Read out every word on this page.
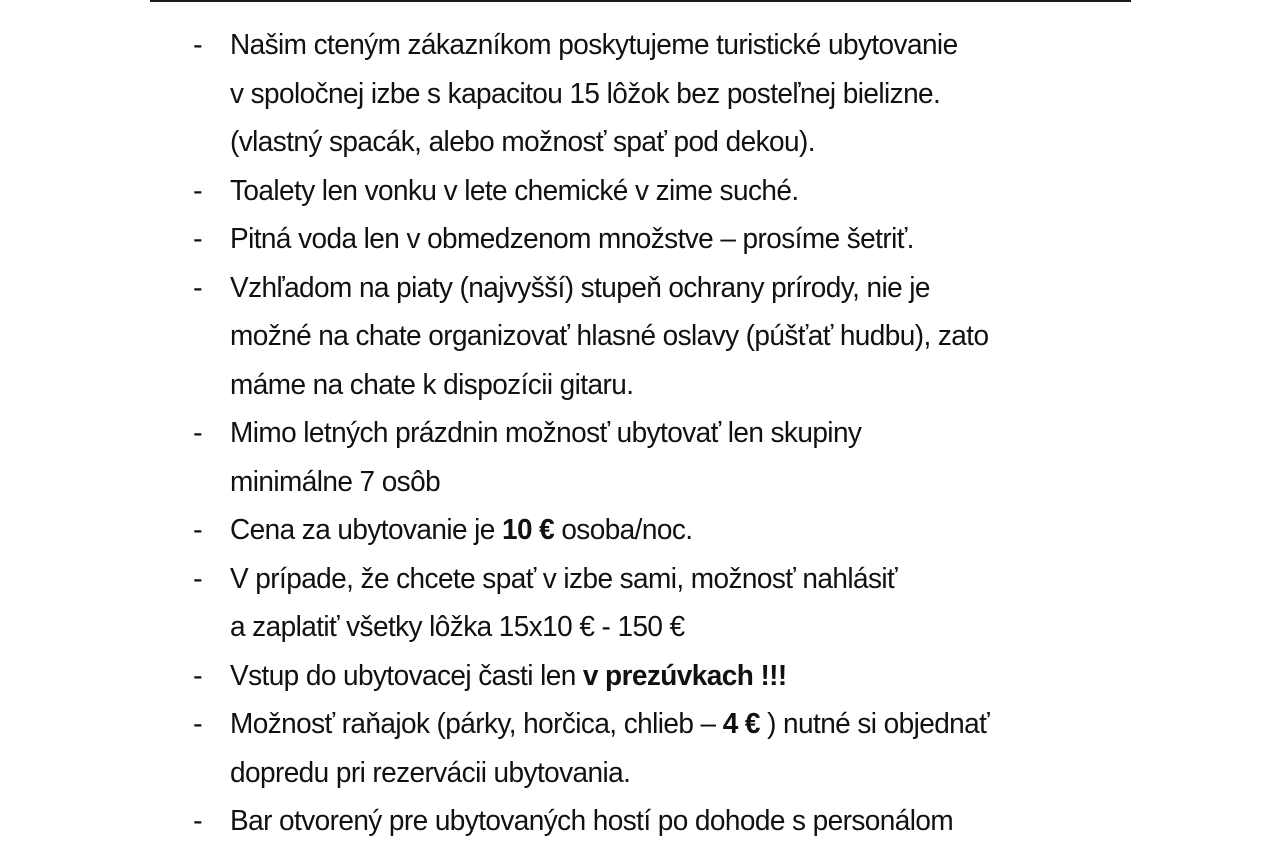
- Našim cteným zákazníkom poskytujeme turistické ubytovanie
v spoločnej izbe s kapacitou 15 lôžok bez posteľnej bielizne.
(vlastný spacák, alebo možnosť spať pod dekou).
- Toalety len vonku v lete chemické v zime suché.
- Pitná voda len v obmedzenom množstve – prosíme šetriť.
- Vzhľadom na piaty (najvyšší) stupeň ochrany prírody, nie je
možné na chate organizovať hlasné oslavy (púšťať hudbu), zato
máme na chate k dispozícii gitaru.
- Mimo letných prázdnin možnosť ubytovať len skupiny
minimálne 7 osôb
- Cena za ubytovanie je 10 € osoba/noc.
- V prípade, že chcete spať v izbe sami, možnosť nahlásiť
a zaplatiť všetky lôžka 15x10 € - 150 €
- Vstup do ubytovacej časti len v prezúvkach !!!
- Možnosť raňajok (párky, horčica, chlieb – 4 € ) nutné si objednať
dopredu pri rezervácii ubytovania.
- Bar otvorený pre ubytovaných hostí po dohode s personálom
